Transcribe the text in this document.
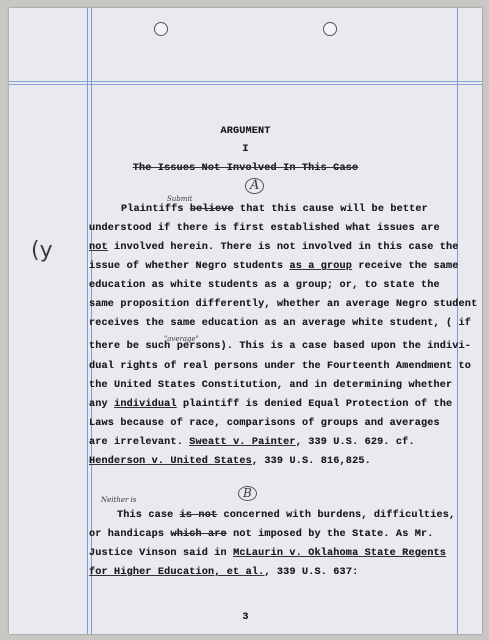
ARGUMENT
I
The Issues Not Involved In This Case
A
(y
Submit
"average"
Neither is
Plaintiffs believe that this cause will be better
understood if there is first established what issues are
not involved herein. There is not involved in this case the
issue of whether Negro students as a group receive the same
education as white students as a group; or, to state the
same proposition differently, whether an average Negro student
receives the same education as an average white student, ( if
there be such persons). This is a case based upon the indivi-
dual rights of real persons under the Fourteenth Amendment to
the United States Constitution, and in determining whether
any individual plaintiff is denied Equal Protection of the
Laws because of race, comparisons of groups and averages
are irrelevant. Sweatt v. Painter, 339 U.S. 629. cf.
Henderson v. United States, 339 U.S. 816,825.
B
This case is not concerned with burdens, difficulties,
or handicaps which are not imposed by the State. As Mr.
Justice Vinson said in McLaurin v. Oklahoma State Regents
for Higher Education, et al., 339 U.S. 637:
3
